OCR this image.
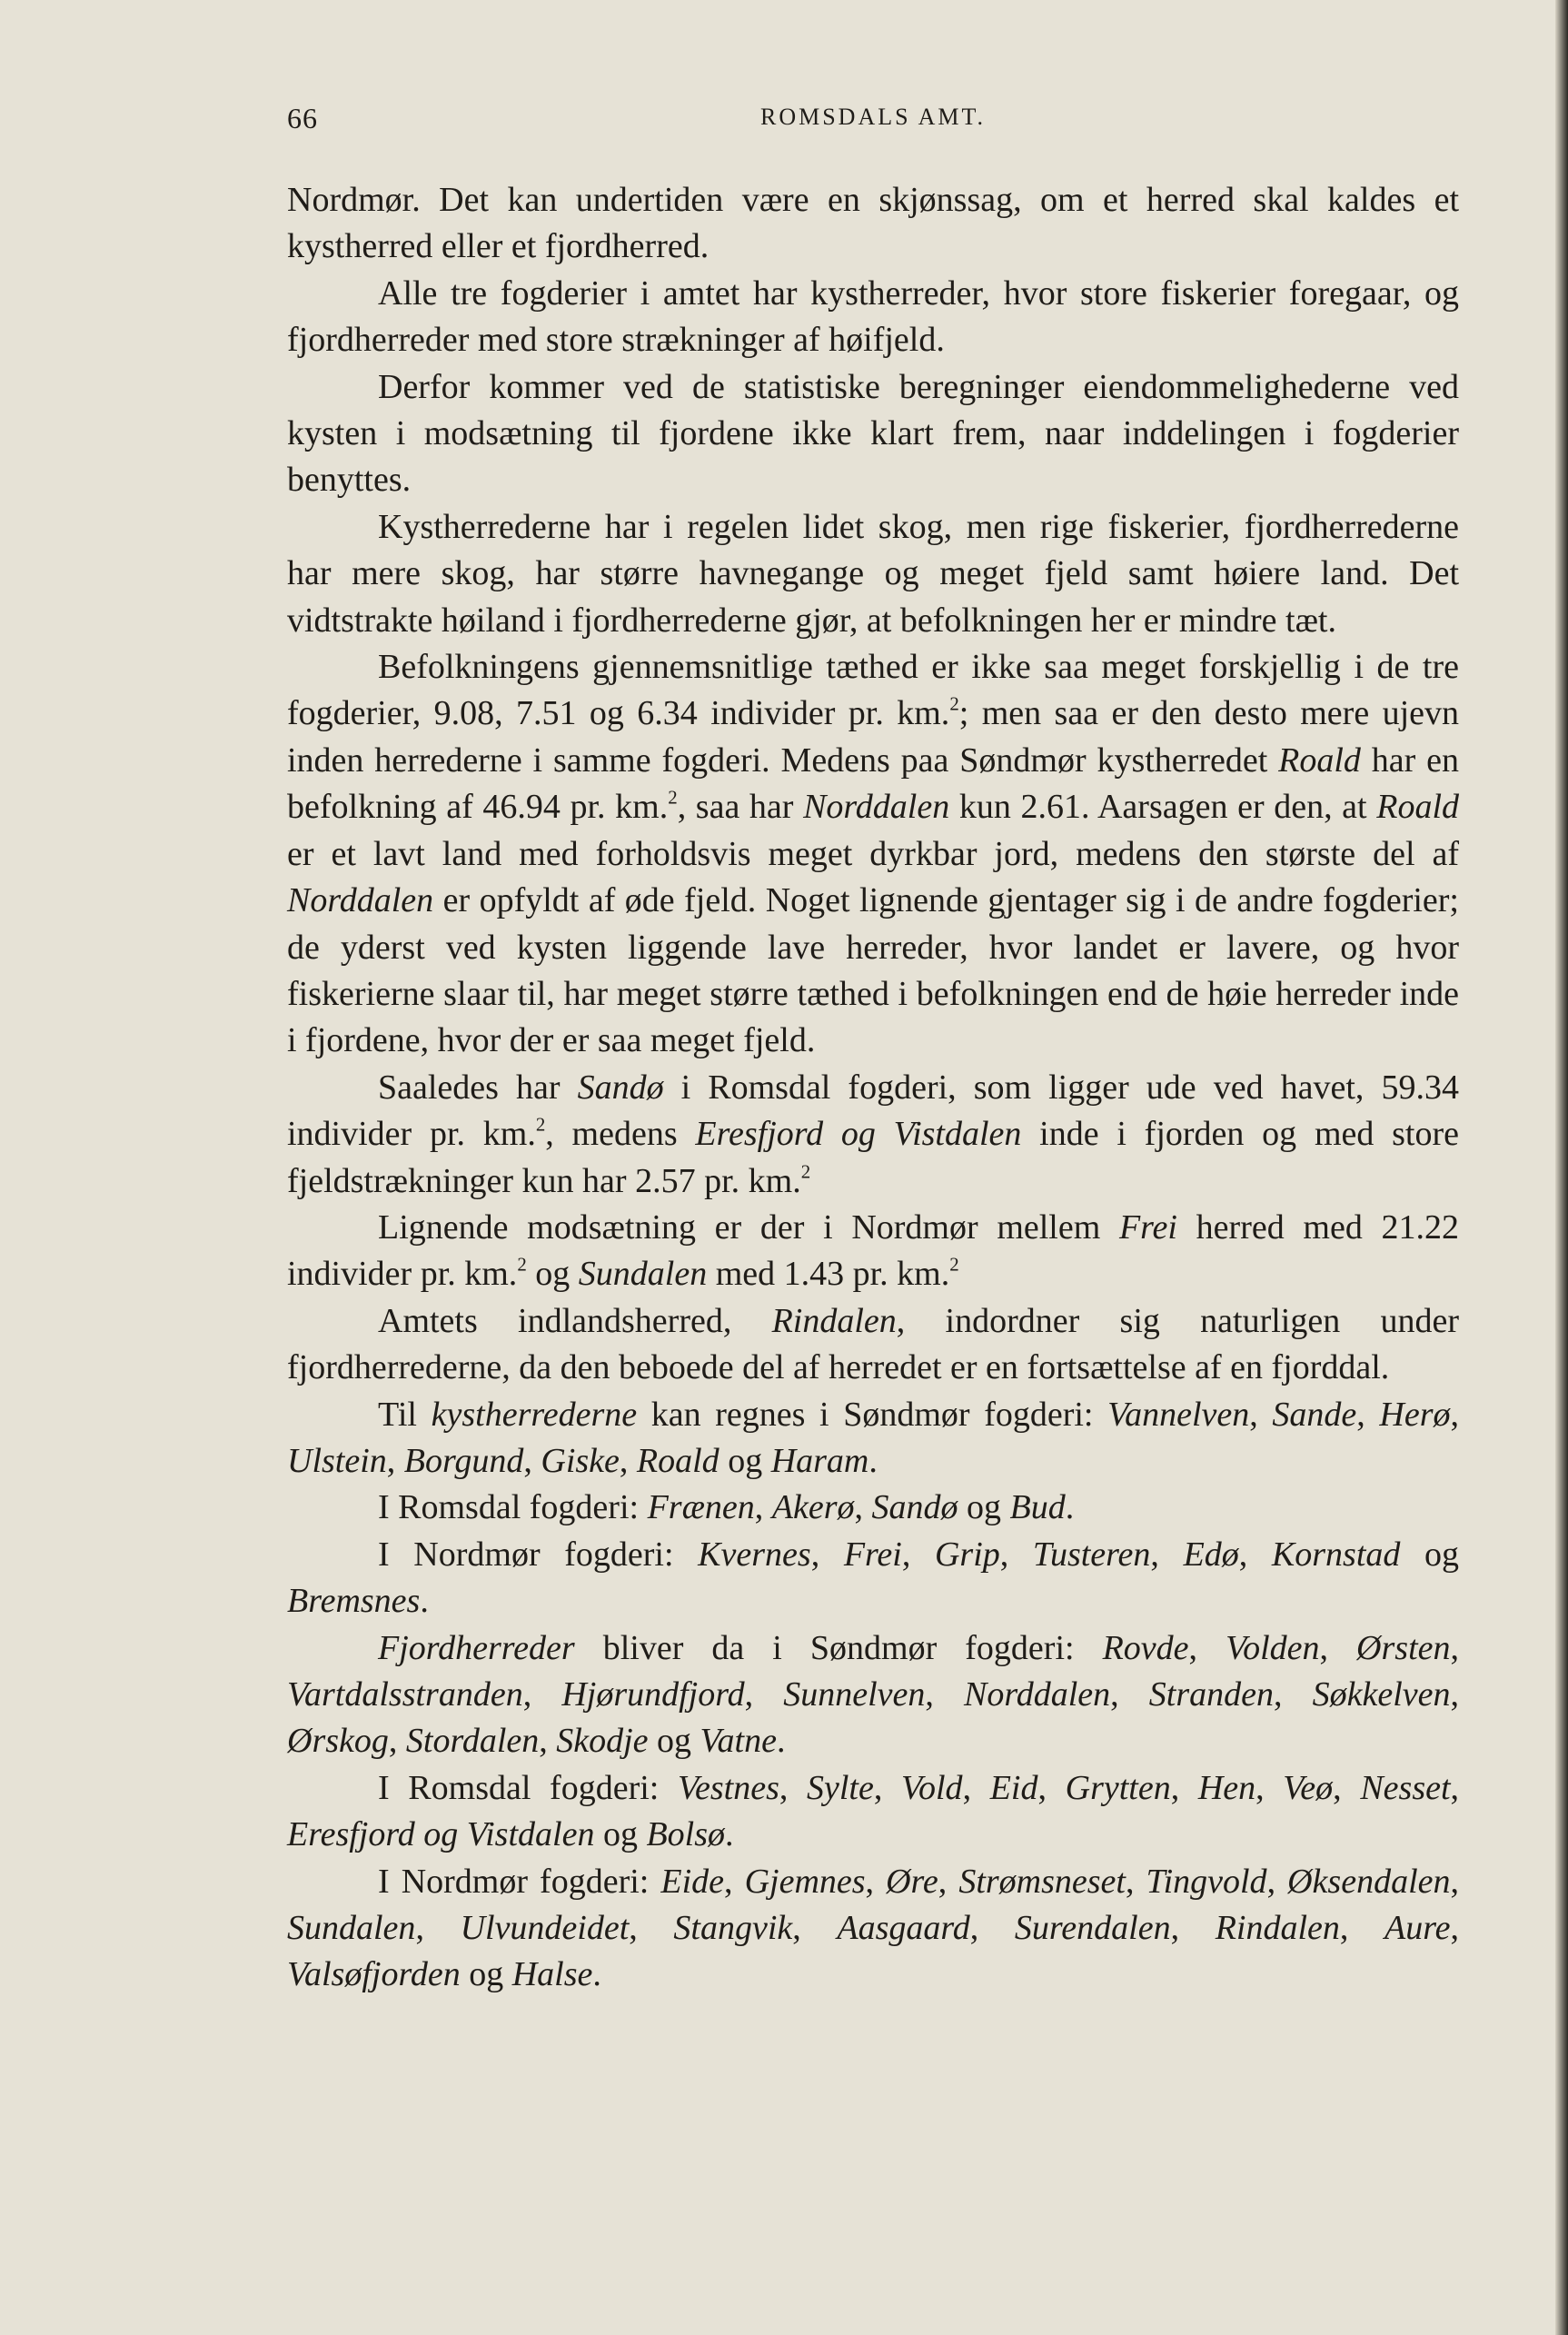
66	ROMSDALS AMT.

Nordmør. Det kan undertiden være en skjønssag, om et herred skal kaldes et kystherred eller et fjordherred.

Alle tre fogderier i amtet har kystherreder, hvor store fiskerier foregaar, og fjordherreder med store strækninger af høifjeld.

Derfor kommer ved de statistiske beregninger eiendommelighederne ved kysten i modsætning til fjordene ikke klart frem, naar inddelingen i fogderier benyttes.

Kystherrederne har i regelen lidet skog, men rige fiskerier, fjordherrederne har mere skog, har større havnegange og meget fjeld samt høiere land. Det vidtstrakte høiland i fjordherrederne gjør, at befolkningen her er mindre tæt.

Befolkningens gjennemsnitlige tæthed er ikke saa meget forskjellig i de tre fogderier, 9.08, 7.51 og 6.34 individer pr. km.$^2$; men saa er den desto mere ujevn inden herrederne i samme fogderi. Medens paa Søndmør kystherredet Roald har en befolkning af 46.94 pr. km.$^2$, saa har Norddalen kun 2.61. Aarsagen er den, at Roald er et lavt land med forholdsvis meget dyrkbar jord, medens den største del af Norddalen er opfyldt af øde fjeld. Noget lignende gjentager sig i de andre fogderier; de yderst ved kysten liggende lave herreder, hvor landet er lavere, og hvor fiskerierne slaar til, har meget større tæthed i befolkningen end de høie herreder inde i fjordene, hvor der er saa meget fjeld.

Saaledes har Sandø i Romsdal fogderi, som ligger ude ved havet, 59.34 individer pr. km.$^2$, medens Eresfjord og Vistdalen inde i fjorden og med store fjeldstrækninger kun har 2.57 pr. km.$^2$

Lignende modsætning er der i Nordmør mellem Frei herred med 21.22 individer pr. km.$^2$ og Sundalen med 1.43 pr. km.$^2$

Amtets indlandsherred, Rindalen, indordner sig naturligen under fjordherrederne, da den beboede del af herredet er en fortsættelse af en fjorddal.

Til kystherrederne kan regnes i Søndmør fogderi: Vannelven, Sande, Herø, Ulstein, Borgund, Giske, Roald og Haram.

I Romsdal fogderi: Frænen, Akerø, Sandø og Bud.

I Nordmør fogderi: Kvernes, Frei, Grip, Tusteren, Edø, Kornstad og Bremsnes.

Fjordherreder bliver da i Søndmør fogderi: Rovde, Volden, Ørsten, Vartdalsstranden, Hjørundfjord, Sunnelven, Norddalen, Stranden, Søkkelven, Ørskog, Stordalen, Skodje og Vatne.

I Romsdal fogderi: Vestnes, Sylte, Vold, Eid, Grytten, Hen, Veø, Nesset, Eresfjord og Vistdalen og Bolsø.

I Nordmør fogderi: Eide, Gjemnes, Øre, Strømsneset, Tingvold, Øksendalen, Sundalen, Ulvundeidet, Stangvik, Aasgaard, Surendalen, Rindalen, Aure, Valsøfjorden og Halse.
